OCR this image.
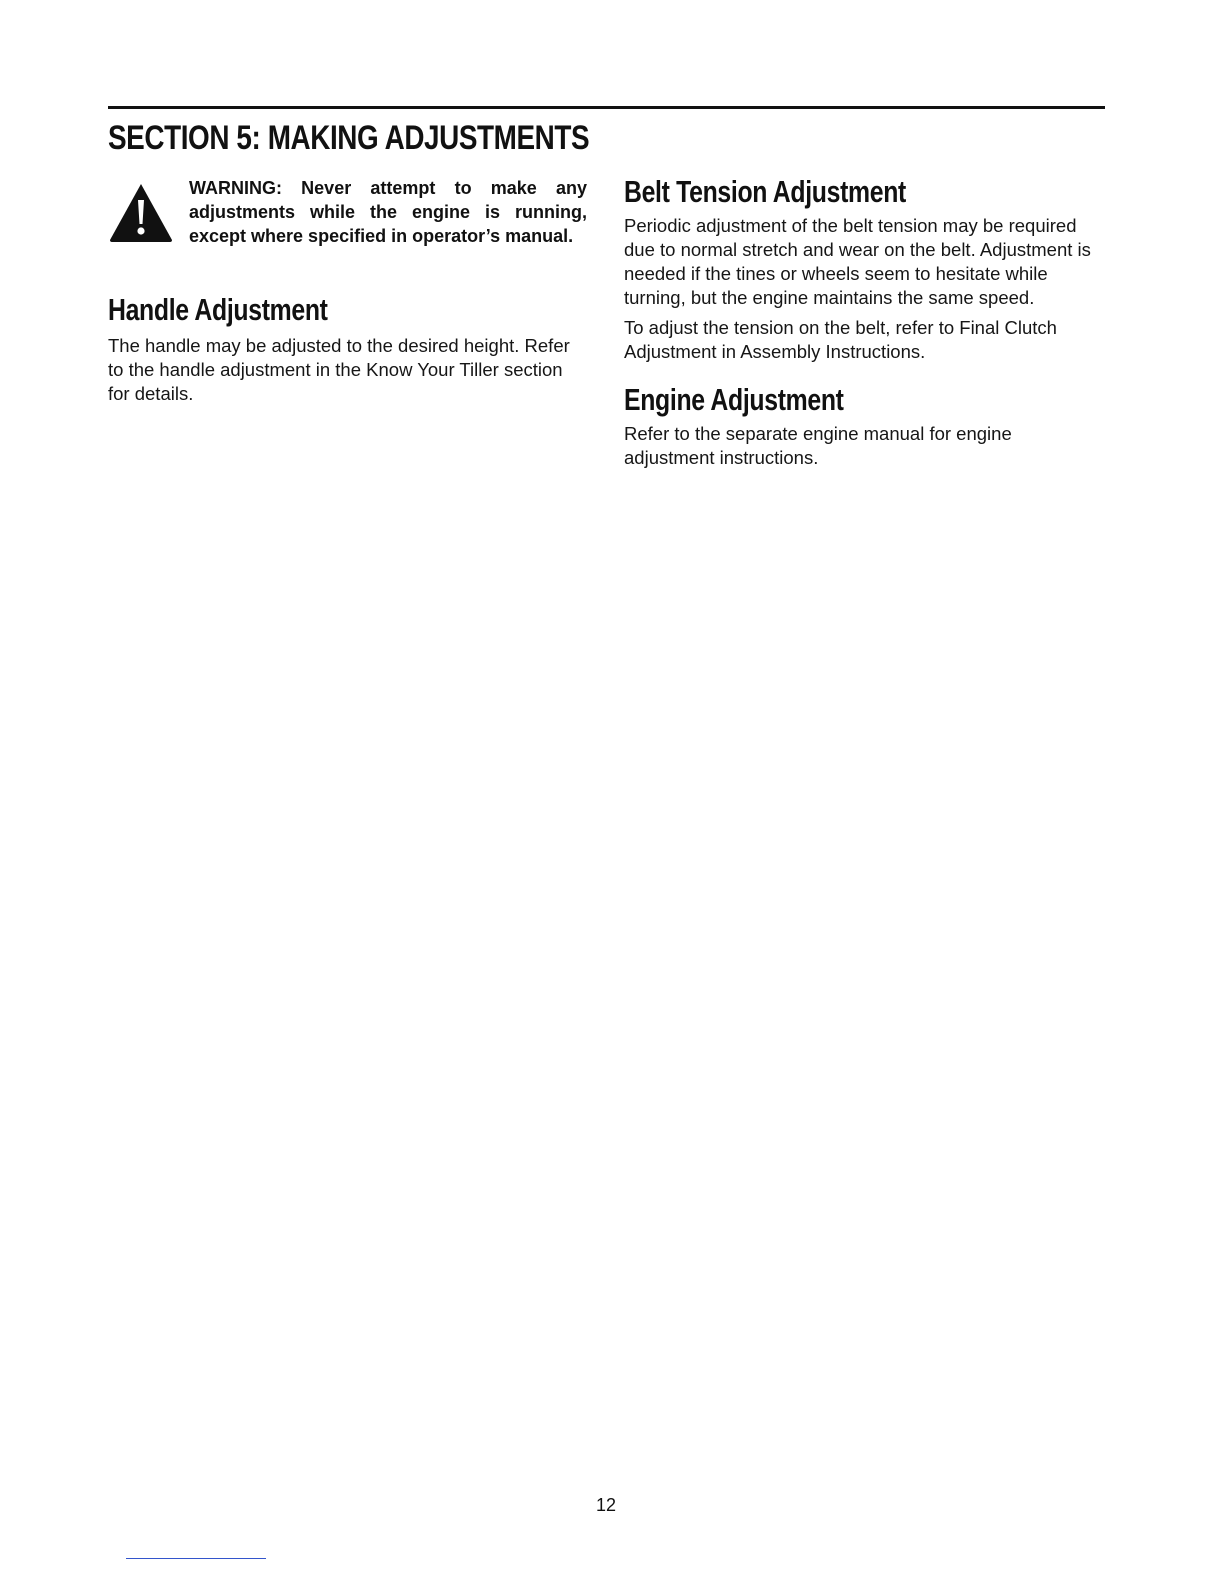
SECTION 5: MAKING ADJUSTMENTS

WARNING: Never attempt to make any adjustments while the engine is running, except where specified in operator’s manual.

Handle Adjustment

The handle may be adjusted to the desired height. Refer to the handle adjustment in the Know Your Tiller section for details.

Belt Tension Adjustment

Periodic adjustment of the belt tension may be required due to normal stretch and wear on the belt. Adjustment is needed if the tines or wheels seem to hesitate while turning, but the engine maintains the same speed.

To adjust the tension on the belt, refer to Final Clutch Adjustment in Assembly Instructions.

Engine Adjustment

Refer to the separate engine manual for engine adjustment instructions.

12
